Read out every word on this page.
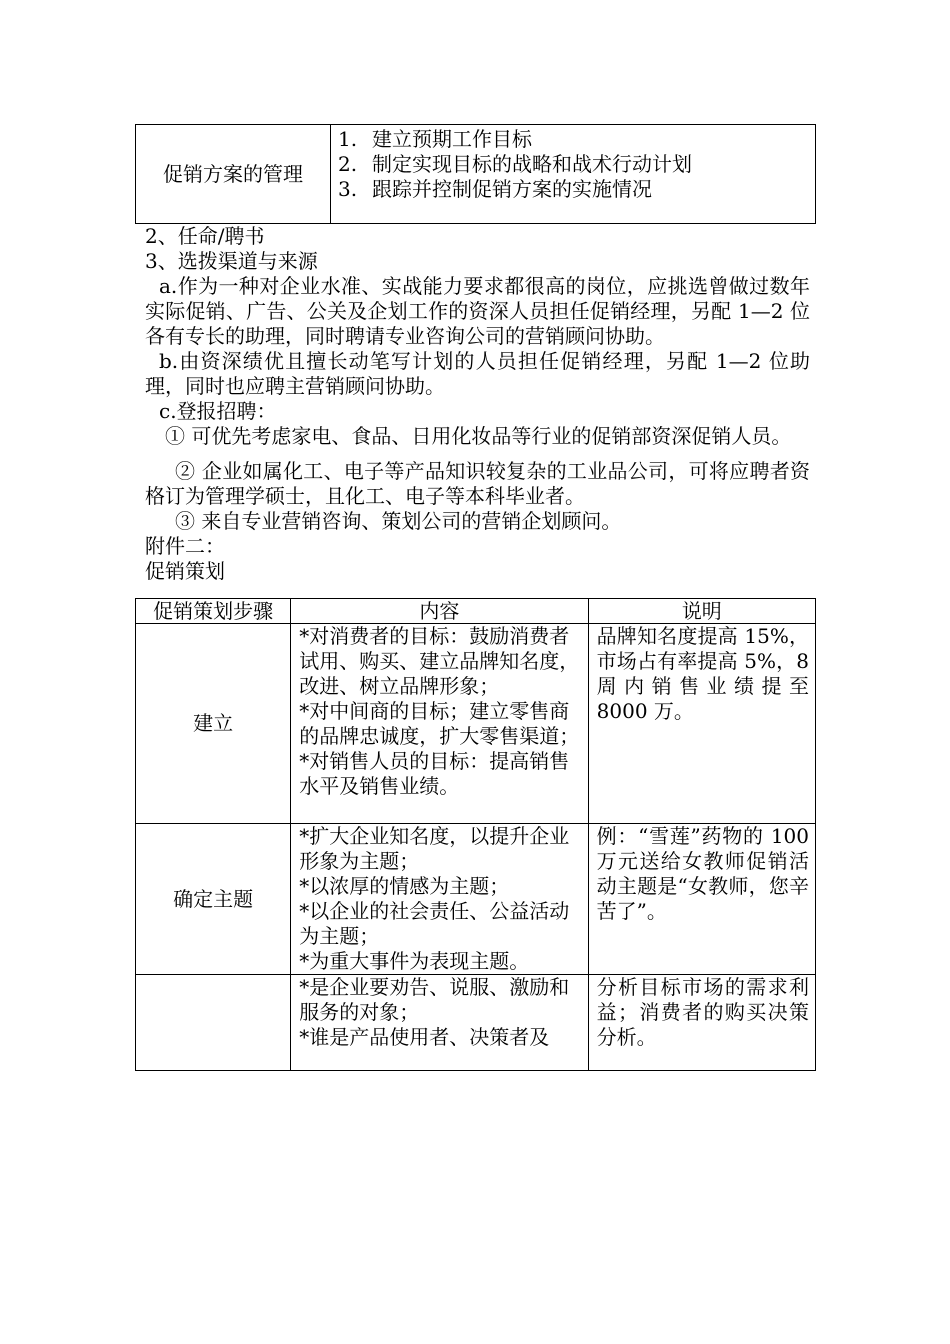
促销方案的管理	
1. 建立预期工作目标
2. 制定实现目标的战略和战术行动计划
3. 跟踪并控制促销方案的实施情况

2、任命/聘书

3、选拨渠道与来源

a.作为一种对企业水准、实战能力要求都很高的岗位，应挑选曾做过数年实际促销、广告、公关及企划工作的资深人员担任促销经理，另配 1—2 位各有专长的助理，同时聘请专业咨询公司的营销顾问协助。

b.由资深绩优且擅长动笔写计划的人员担任促销经理，另配 1—2 位助理，同时也应聘主营销顾问协助。

c.登报招聘：

① 可优先考虑家电、食品、日用化妆品等行业的促销部资深促销人员。

② 企业如属化工、电子等产品知识较复杂的工业品公司，可将应聘者资格订为管理学硕士，且化工、电子等本科毕业者。

③ 来自专业营销咨询、策划公司的营销企划顾问。

附件二：

促销策划

促销策划步骤	内容	说明
建立	*对消费者的目标：鼓励消费者试用、购买、建立品牌知名度，改进、树立品牌形象；
*对中间商的目标；建立零售商的品牌忠诚度，扩大零售渠道；
*对销售人员的目标：提高销售水平及销售业绩。	品牌知名度提高 15%，市场占有率提高 5%，8 周内销售业绩提至 8000 万。
确定主题	*扩大企业知名度，以提升企业形象为主题；
*以浓厚的情感为主题；
*以企业的社会责任、公益活动为主题；
*为重大事件为表现主题。	例：“雪莲”药物的 100 万元送给女教师促销活动主题是“女教师，您辛苦了”。

	*是企业要劝告、说服、激励和服务的对象；
*谁是产品使用者、决策者及	分析目标市场的需求利益；消费者的购买决策分析。
